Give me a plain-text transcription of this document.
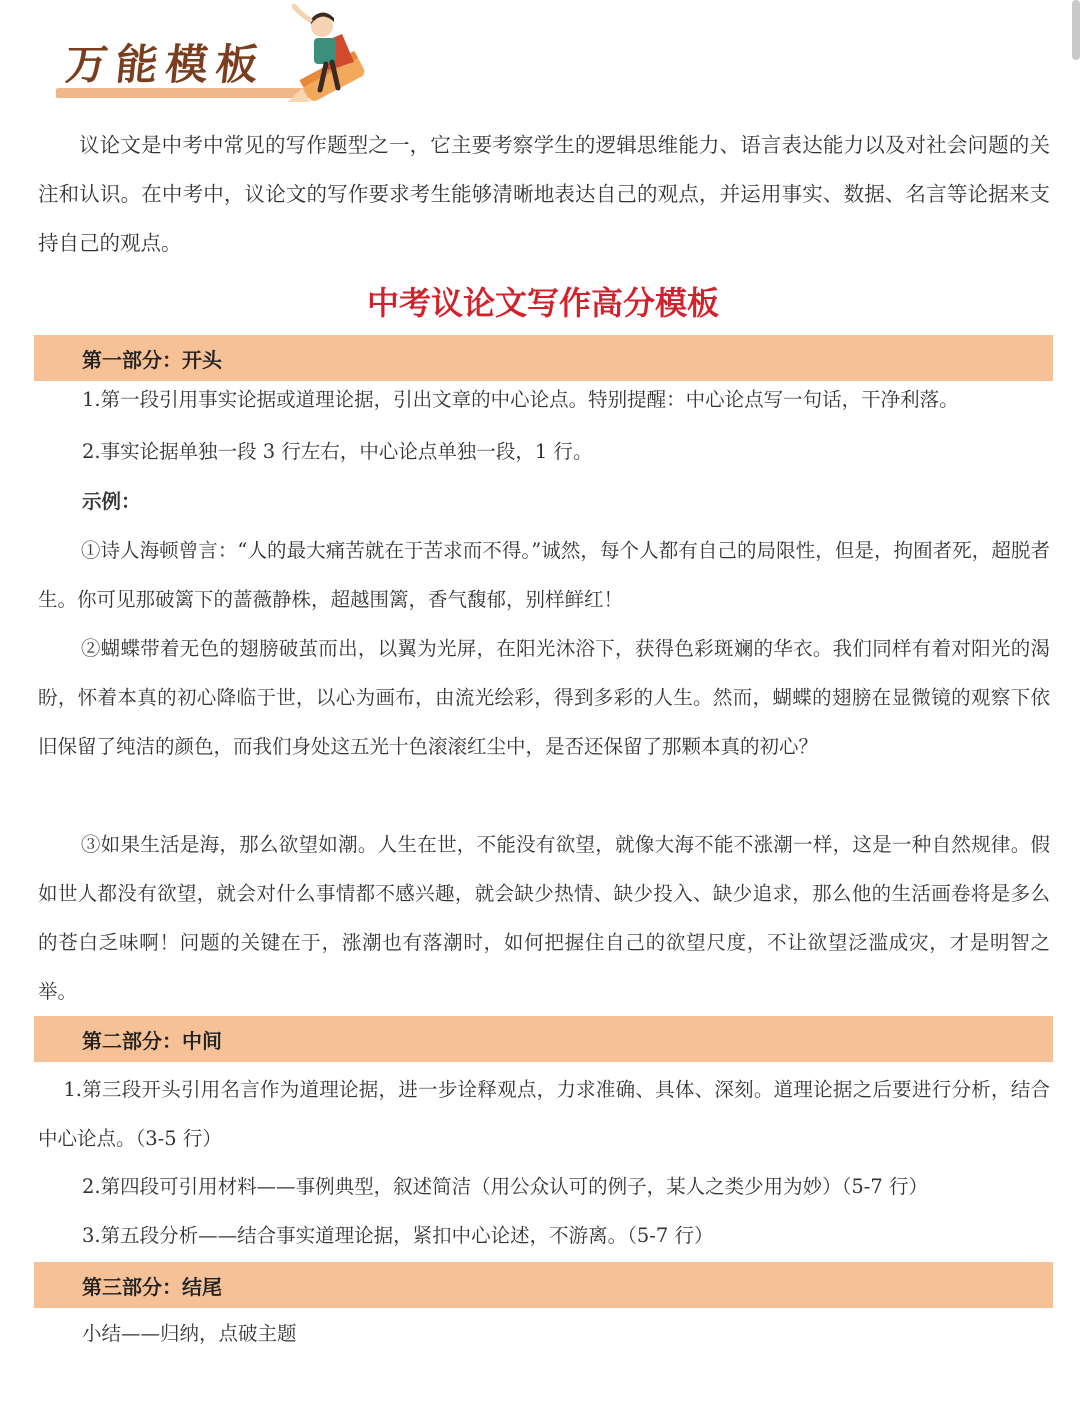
万能模板

议论文是中考中常见的写作题型之一，它主要考察学生的逻辑思维能力、语言表达能力以及对社会问题的关注和认识。在中考中，议论文的写作要求考生能够清晰地表达自己的观点，并运用事实、数据、名言等论据来支持自己的观点。

中考议论文写作高分模板
第一部分：开头

1.第一段引用事实论据或道理论据，引出文章的中心论点。特别提醒：中心论点写一句话，干净利落。

2.事实论据单独一段 3 行左右，中心论点单独一段，1 行。

示例：

①诗人海顿曾言：“人的最大痛苦就在于苦求而不得。”诚然，每个人都有自己的局限性，但是，拘囿者死，超脱者生。你可见那破篱下的蔷薇静株，超越围篱，香气馥郁，别样鲜红！

②蝴蝶带着无色的翅膀破茧而出，以翼为光屏，在阳光沐浴下，获得色彩斑斓的华衣。我们同样有着对阳光的渴盼，怀着本真的初心降临于世，以心为画布，由流光绘彩，得到多彩的人生。然而，蝴蝶的翅膀在显微镜的观察下依旧保留了纯洁的颜色，而我们身处这五光十色滚滚红尘中，是否还保留了那颗本真的初心？

③如果生活是海，那么欲望如潮。人生在世，不能没有欲望，就像大海不能不涨潮一样，这是一种自然规律。假如世人都没有欲望，就会对什么事情都不感兴趣，就会缺少热情、缺少投入、缺少追求，那么他的生活画卷将是多么的苍白乏味啊！问题的关键在于，涨潮也有落潮时，如何把握住自己的欲望尺度，不让欲望泛滥成灾，才是明智之举。

第二部分：中间

1.第三段开头引用名言作为道理论据，进一步诠释观点，力求准确、具体、深刻。道理论据之后要进行分析，结合中心论点。（3-5 行）

2.第四段可引用材料——事例典型，叙述简洁（用公众认可的例子，某人之类少用为妙）（5-7 行）

3.第五段分析——结合事实道理论据，紧扣中心论述，不游离。（5-7 行）

第三部分：结尾

小结——归纳，点破主题
